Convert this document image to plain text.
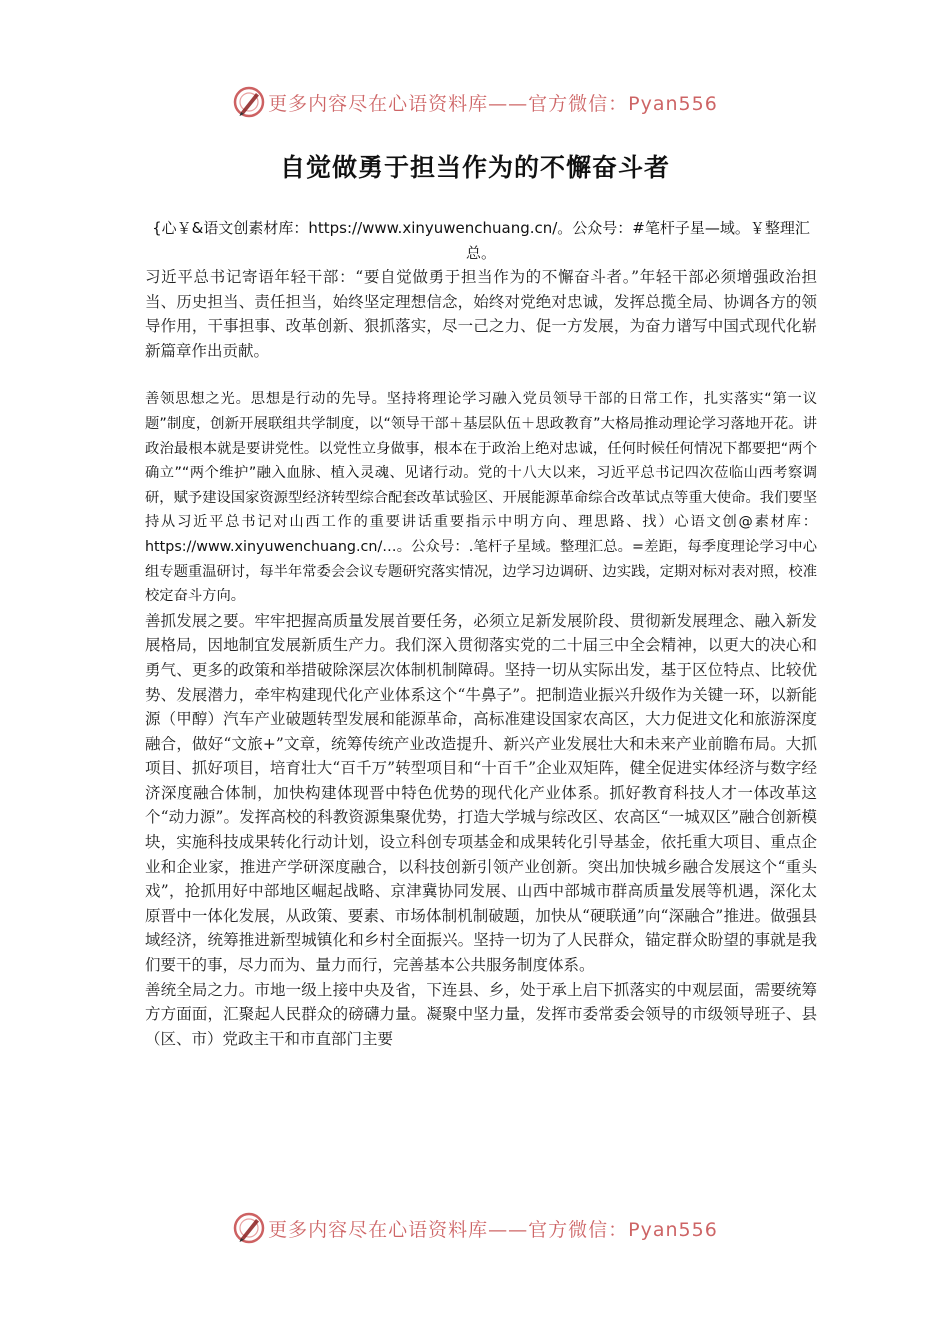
更多内容尽在心语资料库——官方微信：Pyan556
自觉做勇于担当作为的不懈奋斗者

{心￥&语文创素材库：https://www.xinyuwenchuang.cn/。公众号：#笔杆子星—域。￥整理汇总。

习近平总书记寄语年轻干部：“要自觉做勇于担当作为的不懈奋斗者。”年轻干部必须增强政治担当、历史担当、责任担当，始终坚定理想信念，始终对党绝对忠诚，发挥总揽全局、协调各方的领导作用，干事担事、改革创新、狠抓落实，尽一己之力、促一方发展，为奋力谱写中国式现代化崭新篇章作出贡献。

善领思想之光。思想是行动的先导。坚持将理论学习融入党员领导干部的日常工作，扎实落实“第一议题”制度，创新开展联组共学制度，以“领导干部＋基层队伍＋思政教育”大格局推动理论学习落地开花。讲政治最根本就是要讲党性。以党性立身做事，根本在于政治上绝对忠诚，任何时候任何情况下都要把“两个确立”“两个维护”融入血脉、植入灵魂、见诸行动。党的十八大以来，习近平总书记四次莅临山西考察调研，赋予建设国家资源型经济转型综合配套改革试验区、开展能源革命综合改革试点等重大使命。我们要坚持从习近平总书记对山西工作的重要讲话重要指示中明方向、理思路、找）心语文创@素材库：https://www.xinyuwenchuang.cn/…。公众号：.笔杆子星域。整理汇总。=差距，每季度理论学习中心组专题重温研讨，每半年常委会会议专题研究落实情况，边学习边调研、边实践，定期对标对表对照，校准校定奋斗方向。

善抓发展之要。牢牢把握高质量发展首要任务，必须立足新发展阶段、贯彻新发展理念、融入新发展格局，因地制宜发展新质生产力。我们深入贯彻落实党的二十届三中全会精神，以更大的决心和勇气、更多的政策和举措破除深层次体制机制障碍。坚持一切从实际出发，基于区位特点、比较优势、发展潜力，牵牢构建现代化产业体系这个“牛鼻子”。把制造业振兴升级作为关键一环，以新能源（甲醇）汽车产业破题转型发展和能源革命，高标准建设国家农高区，大力促进文化和旅游深度融合，做好“文旅+”文章，统筹传统产业改造提升、新兴产业发展壮大和未来产业前瞻布局。大抓项目、抓好项目，培育壮大“百千万”转型项目和“十百千”企业双矩阵，健全促进实体经济与数字经济深度融合体制，加快构建体现晋中特色优势的现代化产业体系。抓好教育科技人才一体改革这个“动力源”。发挥高校的科教资源集聚优势，打造大学城与综改区、农高区“一城双区”融合创新模块，实施科技成果转化行动计划，设立科创专项基金和成果转化引导基金，依托重大项目、重点企业和企业家，推进产学研深度融合，以科技创新引领产业创新。突出加快城乡融合发展这个“重头戏”，抢抓用好中部地区崛起战略、京津冀协同发展、山西中部城市群高质量发展等机遇，深化太原晋中一体化发展，从政策、要素、市场体制机制破题，加快从“硬联通”向“深融合”推进。做强县域经济，统筹推进新型城镇化和乡村全面振兴。坚持一切为了人民群众，锚定群众盼望的事就是我们要干的事，尽力而为、量力而行，完善基本公共服务制度体系。

善统全局之力。市地一级上接中央及省，下连县、乡，处于承上启下抓落实的中观层面，需要统筹方方面面，汇聚起人民群众的磅礴力量。凝聚中坚力量，发挥市委常委会领导的市级领导班子、县（区、市）党政主干和市直部门主要

更多内容尽在心语资料库——官方微信：Pyan556
